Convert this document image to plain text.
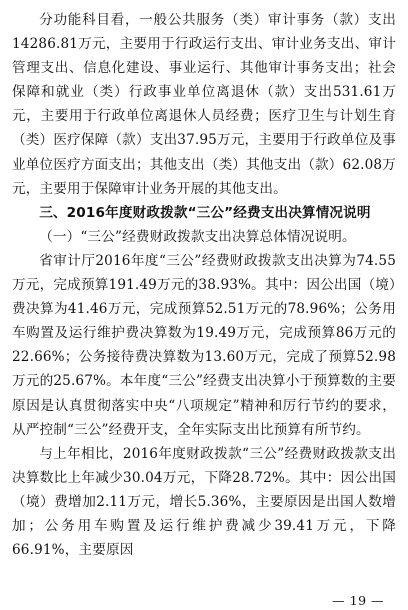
分功能科目看，一般公共服务（类）审计事务（款）支出14286.81万元，主要用于行政运行支出、审计业务支出、审计管理支出、信息化建设、事业运行、其他审计事务支出；社会保障和就业（类）行政事业单位离退休（款）支出531.61万元，主要用于行政单位离退休人员经费；医疗卫生与计划生育（类）医疗保障（款）支出37.95万元，主要用于行政单位及事业单位医疗方面支出；其他支出（类）其他支出（款）62.08万元，主要用于保障审计业务开展的其他支出。

三、2016年度财政拨款“三公”经费支出决算情况说明

（一）“三公”经费财政拨款支出决算总体情况说明。

省审计厅2016年度“三公”经费财政拨款支出决算为74.55万元，完成预算191.49万元的38.93%。其中：因公出国（境）费决算为41.46万元，完成预算52.51万元的78.96%；公务用车购置及运行维护费决算数为19.49万元，完成预算86万元的22.66%；公务接待费决算数为13.60万元，完成了预算52.98万元的25.67%。本年度“三公”经费支出决算小于预算数的主要原因是认真贯彻落实中央“八项规定”精神和厉行节约的要求，从严控制“三公”经费开支，全年实际支出比预算有所节约。

与上年相比，2016年度财政拨款“三公”经费财政拨款支出决算数比上年减少30.04万元，下降28.72%。其中：因公出国（境）费增加2.11万元，增长5.36%，主要原因是出国人数增加；公务用车购置及运行维护费减少39.41万元，下降66.91%，主要原因

— 19 —
